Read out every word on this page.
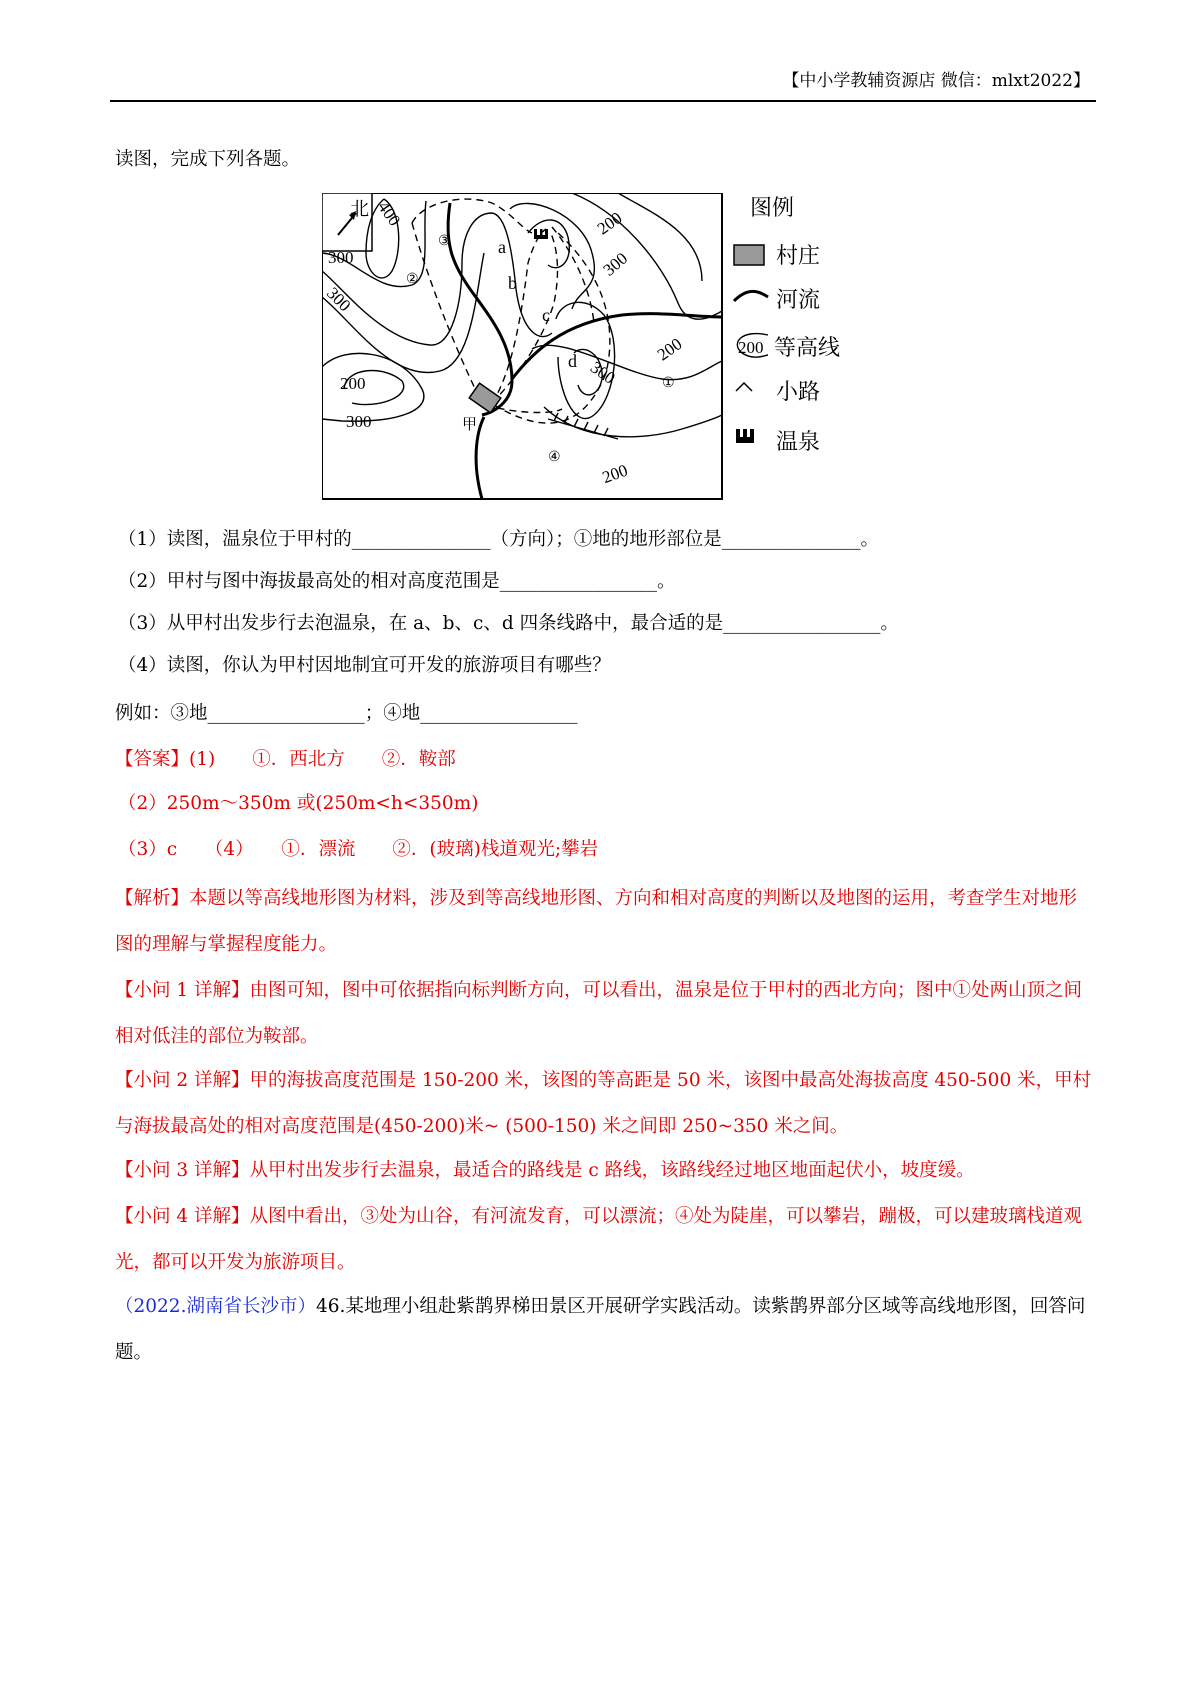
【中小学教辅资源店 微信：mlxt2022】
读图，完成下列各题。
北
甲
400
300
300
200
300
200
300
300
200
200
a
b
c
d
①
②
③
④
图例
村庄
河流
200 等高线
小路
温泉
（1）读图，温泉位于甲村的_______________（方向）；①地的地形部位是_______________。
（2）甲村与图中海拔最高处的相对高度范围是_________________。
（3）从甲村出发步行去泡温泉，在 a、b、c、d 四条线路中，最合适的是_________________。
（4）读图，你认为甲村因地制宜可开发的旅游项目有哪些？
例如：③地_________________；④地_________________
【答案】(1)　　①．西北方　　②．鞍部
（2）250m～350m 或(250m<h<350m)
（3）c　　（4）　　①．漂流　　②．(玻璃)栈道观光;攀岩
【解析】本题以等高线地形图为材料，涉及到等高线地形图、方向和相对高度的判断以及地图的运用，考查学生对地形图的理解与掌握程度能力。
【小问 1 详解】由图可知，图中可依据指向标判断方向，可以看出，温泉是位于甲村的西北方向；图中①处两山顶之间相对低洼的部位为鞍部。
【小问 2 详解】甲的海拔高度范围是 150-200 米，该图的等高距是 50 米，该图中最高处海拔高度 450-500 米，甲村与海拔最高处的相对高度范围是(450-200)米~ (500-150) 米之间即 250~350 米之间。
【小问 3 详解】从甲村出发步行去温泉，最适合的路线是 c 路线，该路线经过地区地面起伏小，坡度缓。
【小问 4 详解】从图中看出，③处为山谷，有河流发育，可以漂流；④处为陡崖，可以攀岩，蹦极，可以建玻璃栈道观光，都可以开发为旅游项目。
（2022.湖南省长沙市）46.某地理小组赴紫鹊界梯田景区开展研学实践活动。读紫鹊界部分区域等高线地形图，回答问题。
